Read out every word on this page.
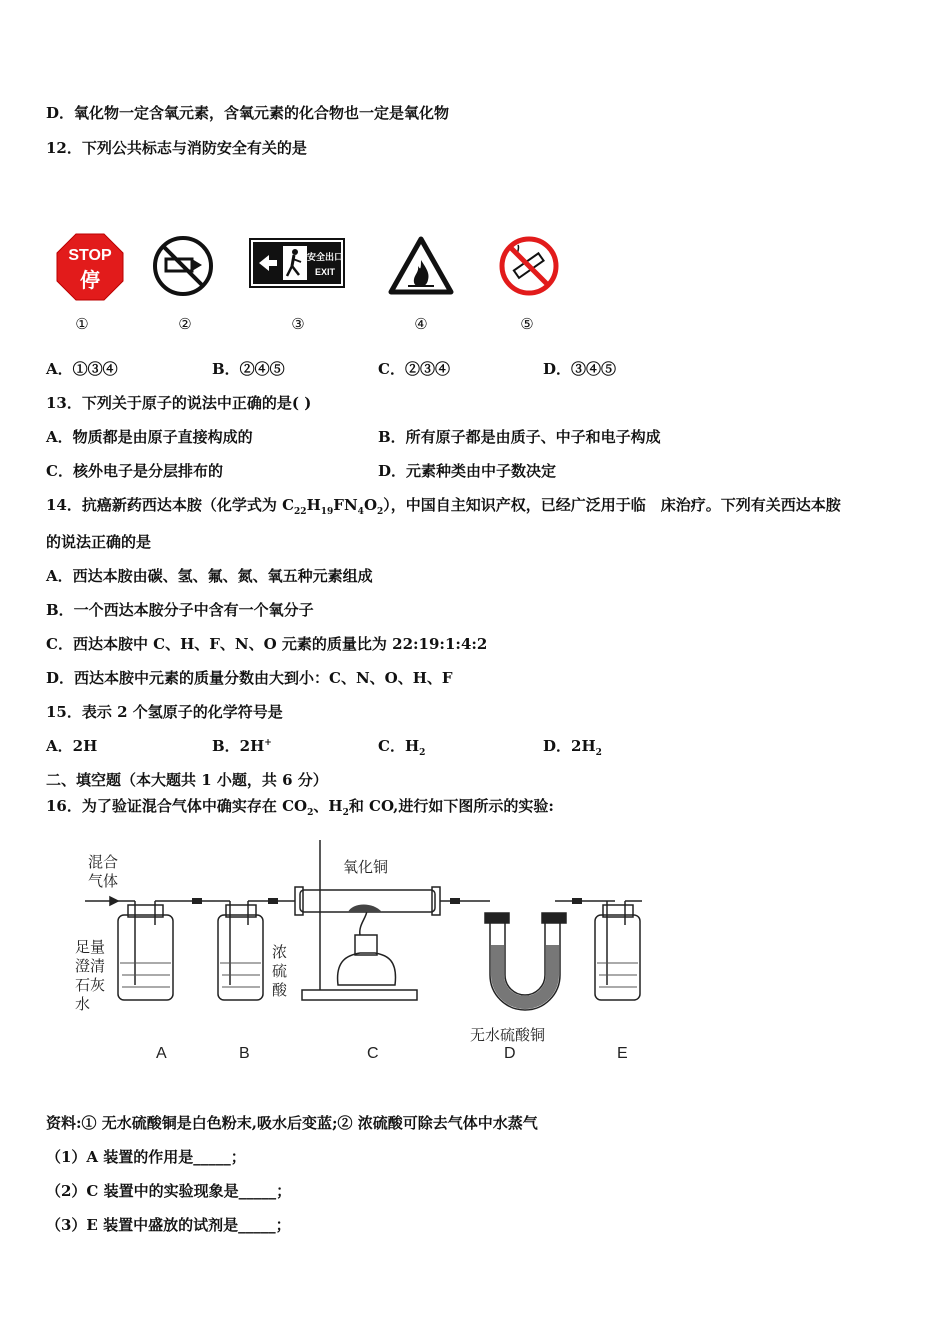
D．氧化物一定含氧元素，含氧元素的化合物也一定是氧化物
12．下列公共标志与消防安全有关的是
STOP
停
安全出口
EXIT
①	②	③	④	⑤
A．①③④	B．②④⑤	C．②③④	D．③④⑤
13．下列关于原子的说法中正确的是( )
A．物质都是由原子直接构成的	B．所有原子都是由质子、中子和电子构成
C．核外电子是分层排布的	D．元素种类由中子数决定
14．抗癌新药西达本胺（化学式为 $C_{22}H_{19}FN_4O_2$），中国自主知识产权，已经广泛用于临　床治疗。下列有关西达本胺
的说法正确的是
A．西达本胺由碳、氢、氟、氮、氧五种元素组成
B．一个西达本胺分子中含有一个氧分子
C．西达本胺中 C、H、F、N、O 元素的质量比为 22:19:1:4:2
D．西达本胺中元素的质量分数由大到小：C、N、O、H、F
15．表示 2 个氢原子的化学符号是
A．2H	B．2H+	C．$H_2$	D．$2H_2$
二、填空题（本大题共 1 小题，共 6 分）
16．为了验证混合气体中确实存在 $CO_2$、$H_2$和 CO,进行如下图所示的实验:
混合
气体
足量
澄清
石灰
水
浓
硫
酸
氧化铜
无水硫酸铜
A	B	C	D	E
资料:① 无水硫酸铜是白色粉末,吸水后变蓝;② 浓硫酸可除去气体中水蒸气
（1）A 装置的作用是_____；
（2）C 装置中的实验现象是_____；
（3）E 装置中盛放的试剂是_____；
